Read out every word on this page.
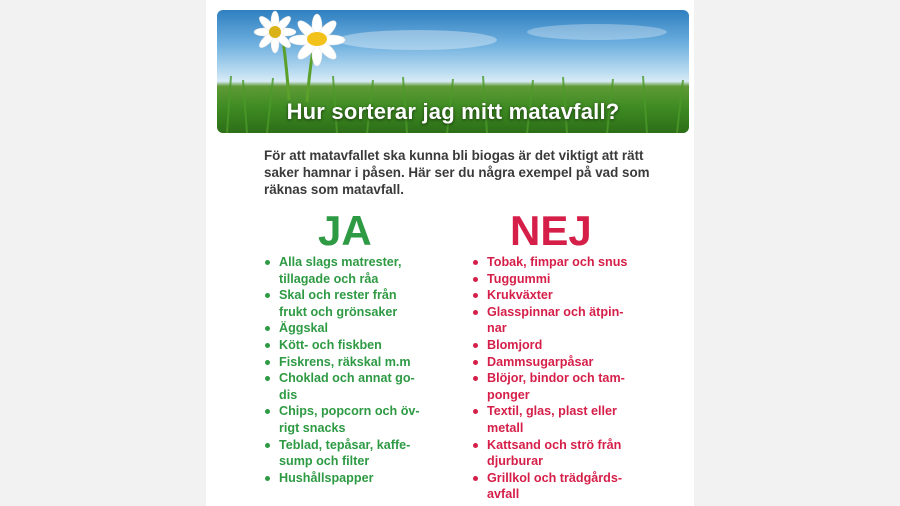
Hur sorterar jag mitt matavfall?
För att matavfallet ska kunna bli biogas är det viktigt att rätt saker hamnar i påsen. Här ser du några exempel på vad som räknas som matavfall.
JA	NEJ
Alla slags matrester,
tillagade och råa
Skal och rester från
frukt och grönsaker
Äggskal
Kött- och fiskben
Fiskrens, räkskal m.m
Choklad och annat go-
dis
Chips, popcorn och öv-
rigt snacks
Teblad, tepåsar, kaffe-
sump och filter
Hushållspapper
Tobak, fimpar och snus
Tuggummi
Krukväxter
Glasspinnar och ätpin-
nar
Blomjord
Dammsugarpåsar
Blöjor, bindor och tam-
ponger
Textil, glas, plast eller
metall
Kattsand och strö från
djurburar
Grillkol och trädgårds-
avfall
